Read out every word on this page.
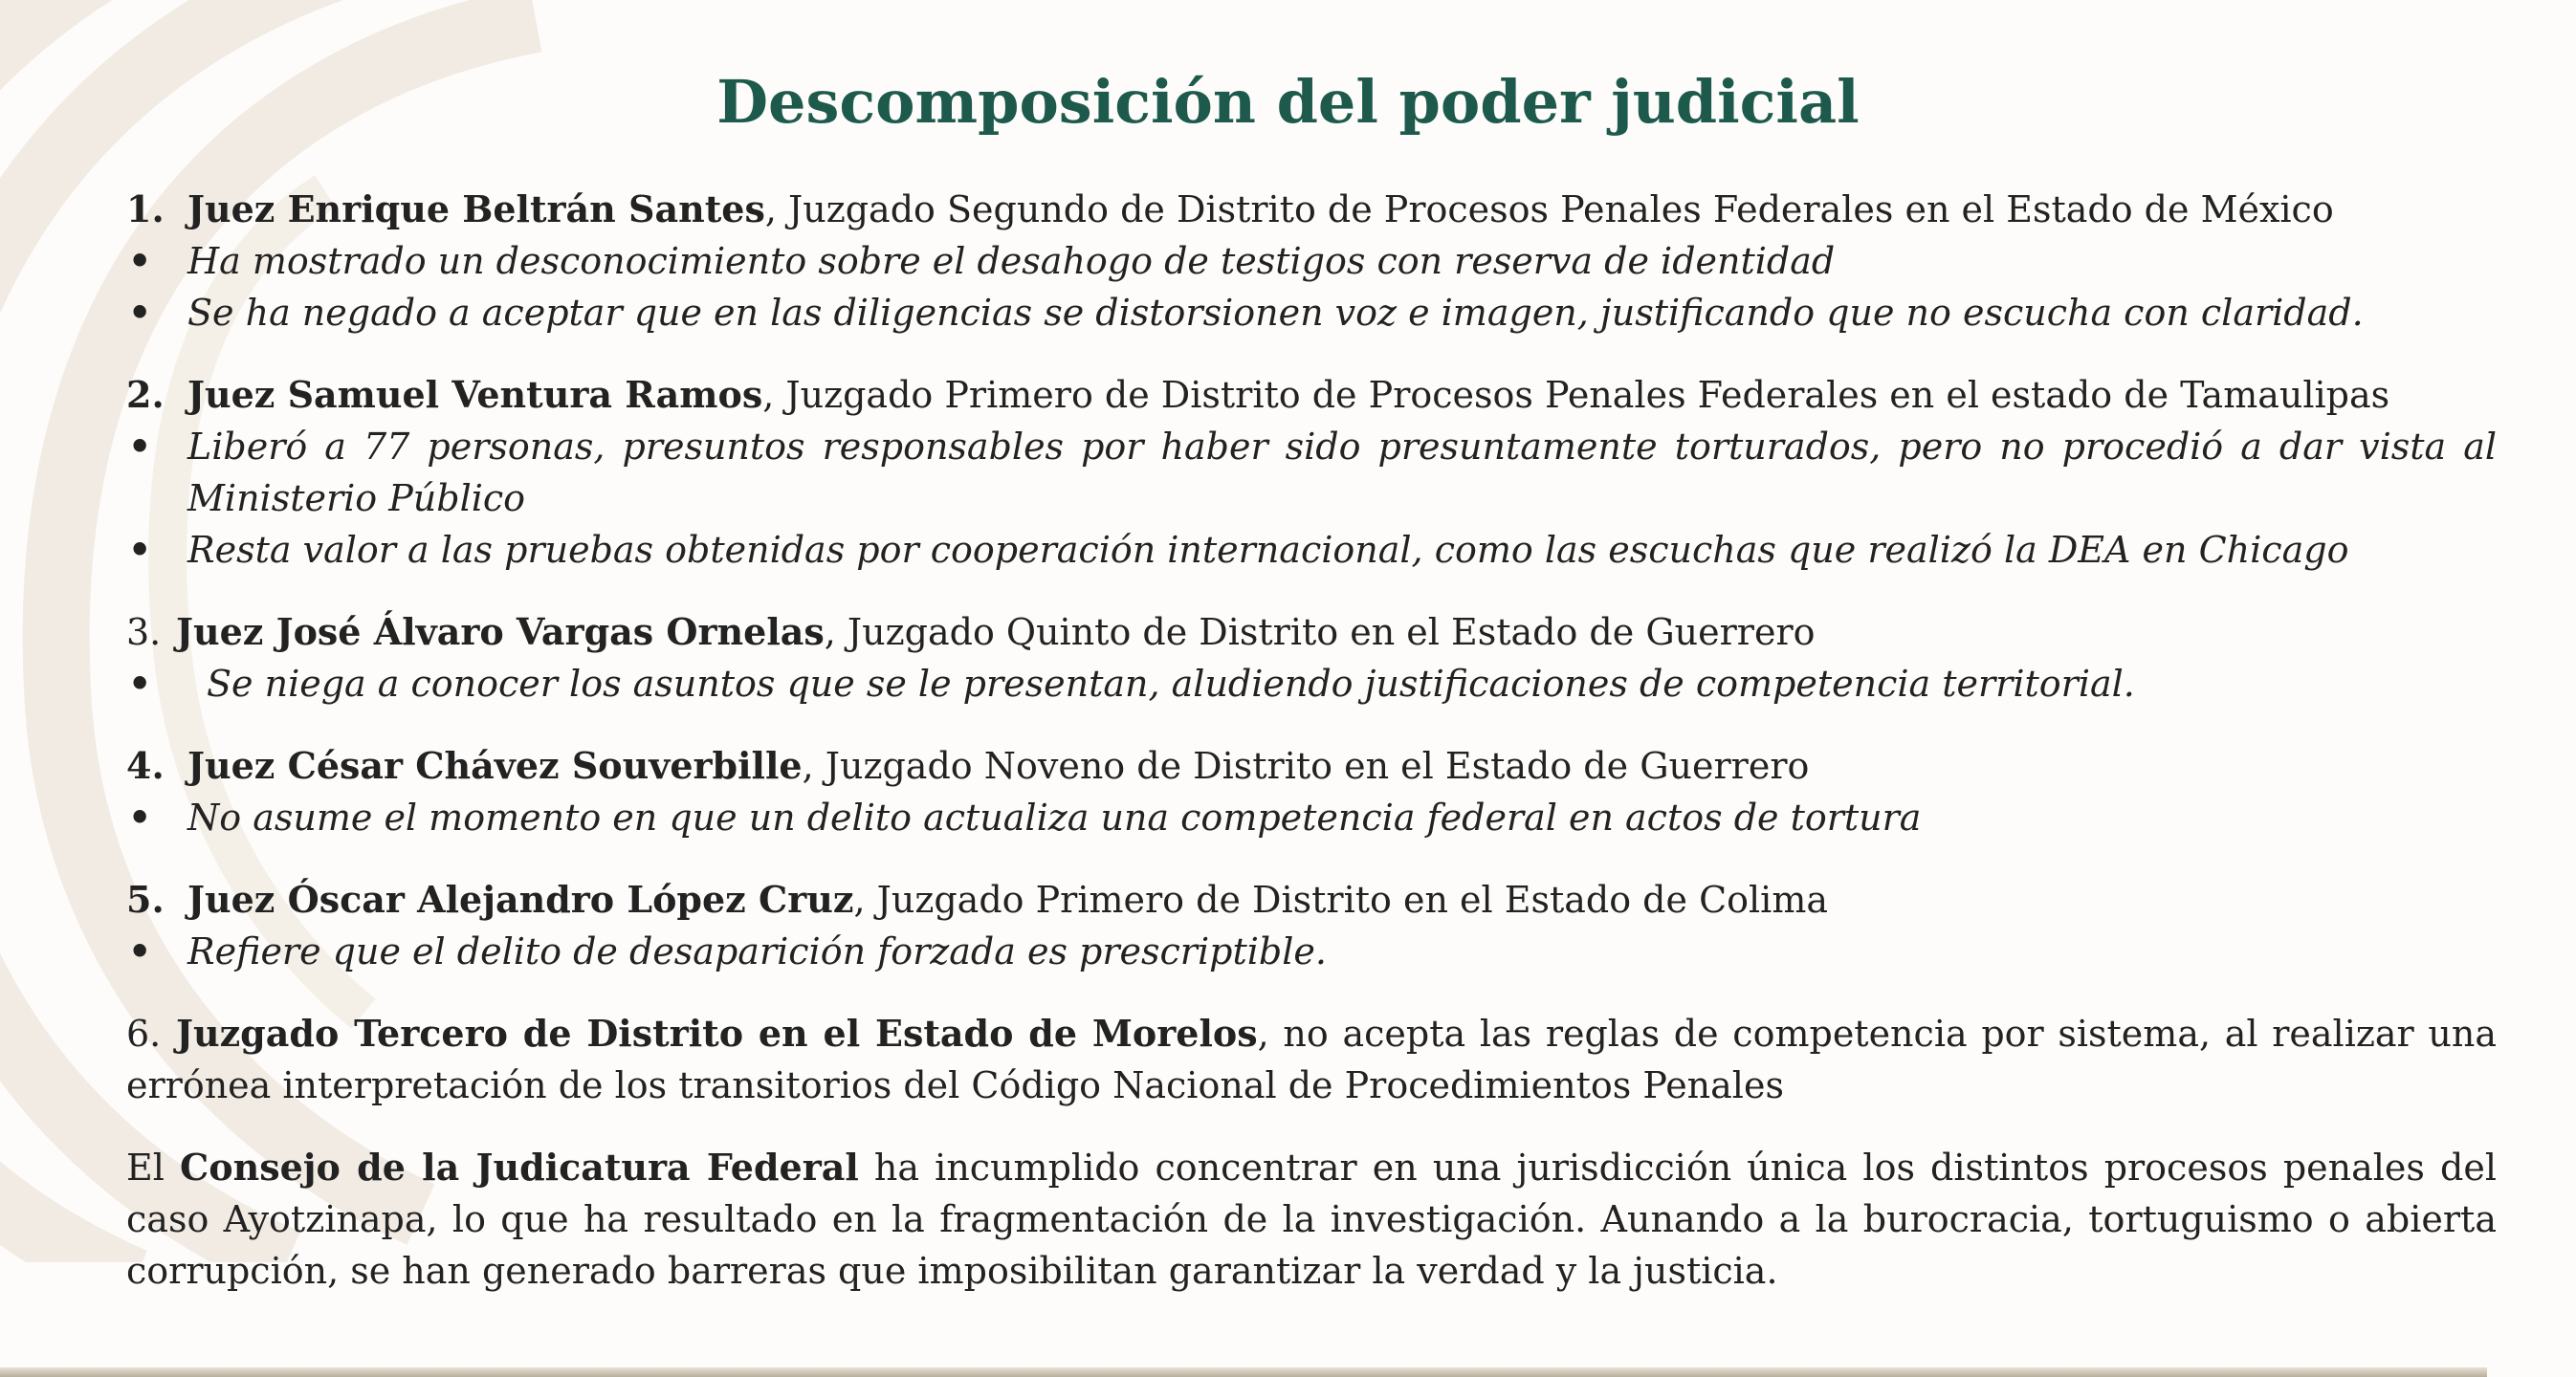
Descomposición del poder judicial
1. Juez Enrique Beltrán Santes, Juzgado Segundo de Distrito de Procesos Penales Federales en el Estado de México
• Ha mostrado un desconocimiento sobre el desahogo de testigos con reserva de identidad
• Se ha negado a aceptar que en las diligencias se distorsionen voz e imagen, justificando que no escucha con claridad.
2. Juez Samuel Ventura Ramos, Juzgado Primero de Distrito de Procesos Penales Federales en el estado de Tamaulipas
• Liberó a 77 personas, presuntos responsables por haber sido presuntamente torturados, pero no procedió a dar vista al Ministerio Público
• Resta valor a las pruebas obtenidas por cooperación internacional, como las escuchas que realizó la DEA en Chicago
3. Juez José Álvaro Vargas Ornelas, Juzgado Quinto de Distrito en el Estado de Guerrero
• Se niega a conocer los asuntos que se le presentan, aludiendo justificaciones de competencia territorial.
4. Juez César Chávez Souverbille, Juzgado Noveno de Distrito en el Estado de Guerrero
• No asume el momento en que un delito actualiza una competencia federal en actos de tortura
5. Juez Óscar Alejandro López Cruz, Juzgado Primero de Distrito en el Estado de Colima
• Refiere que el delito de desaparición forzada es prescriptible.

6. Juzgado Tercero de Distrito en el Estado de Morelos, no acepta las reglas de competencia por sistema, al realizar una errónea interpretación de los transitorios del Código Nacional de Procedimientos Penales

El Consejo de la Judicatura Federal ha incumplido concentrar en una jurisdicción única los distintos procesos penales del caso Ayotzinapa, lo que ha resultado en la fragmentación de la investigación. Aunando a la burocracia, tortuguismo o abierta corrupción, se han generado barreras que imposibilitan garantizar la verdad y la justicia.
